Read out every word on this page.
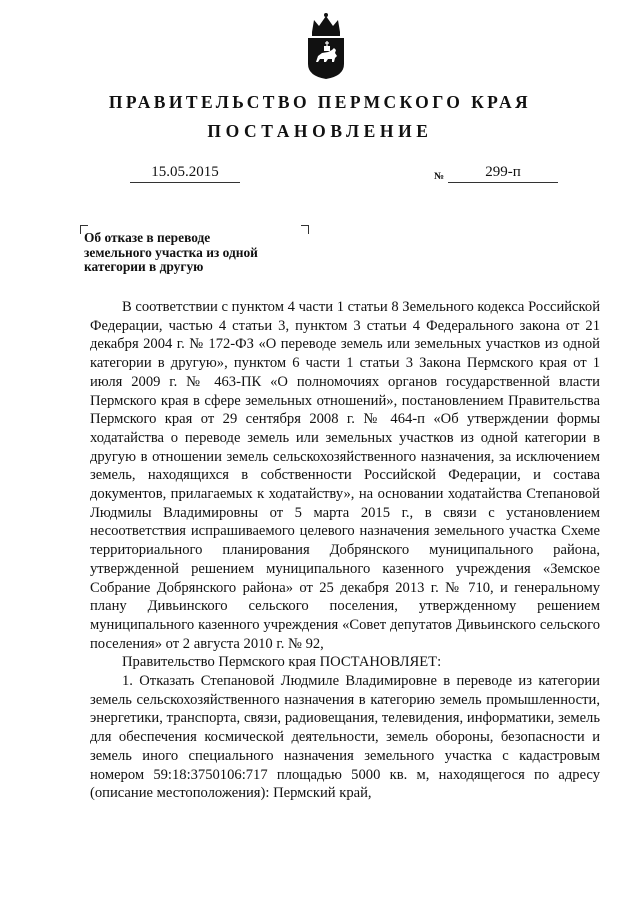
ПРАВИТЕЛЬСТВО ПЕРМСКОГО КРАЯ
ПОСТАНОВЛЕНИЕ
15.05.2015	№	299-п
Об отказе в переводе
земельного участка из одной
категории в другую

В соответствии с пунктом 4 части 1 статьи 8 Земельного кодекса Российской Федерации, частью 4 статьи 3, пунктом 3 статьи 4 Федерального закона от 21 декабря 2004 г. № 172-ФЗ «О переводе земель или земельных участков из одной категории в другую», пунктом 6 части 1 статьи 3 Закона Пермского края от 1 июля 2009 г. № 463-ПК «О полномочиях органов государственной власти Пермского края в сфере земельных отношений», постановлением Правительства Пермского края от 29 сентября 2008 г. № 464-п «Об утверждении формы ходатайства о переводе земель или земельных участков из одной категории в другую в отношении земель сельскохозяйственного назначения, за исключением земель, находящихся в собственности Российской Федерации, и состава документов, прилагаемых к ходатайству», на основании ходатайства Степановой Людмилы Владимировны от 5 марта 2015 г., в связи с установлением несоответствия испрашиваемого целевого назначения земельного участка Схеме территориального планирования Добрянского муниципального района, утвержденной решением муниципального казенного учреждения «Земское Собрание Добрянского района» от 25 декабря 2013 г. № 710, и генеральному плану Дивьинского сельского поселения, утвержденному решением муниципального казенного учреждения «Совет депутатов Дивьинского сельского поселения» от 2 августа 2010 г. № 92,

Правительство Пермского края ПОСТАНОВЛЯЕТ:

1. Отказать Степановой Людмиле Владимировне в переводе из категории земель сельскохозяйственного назначения в категорию земель промышленности, энергетики, транспорта, связи, радиовещания, телевидения, информатики, земель для обеспечения космической деятельности, земель обороны, безопасности и земель иного специального назначения земельного участка с кадастровым номером 59:18:3750106:717 площадью 5000 кв. м, находящегося по адресу (описание местоположения): Пермский край,
